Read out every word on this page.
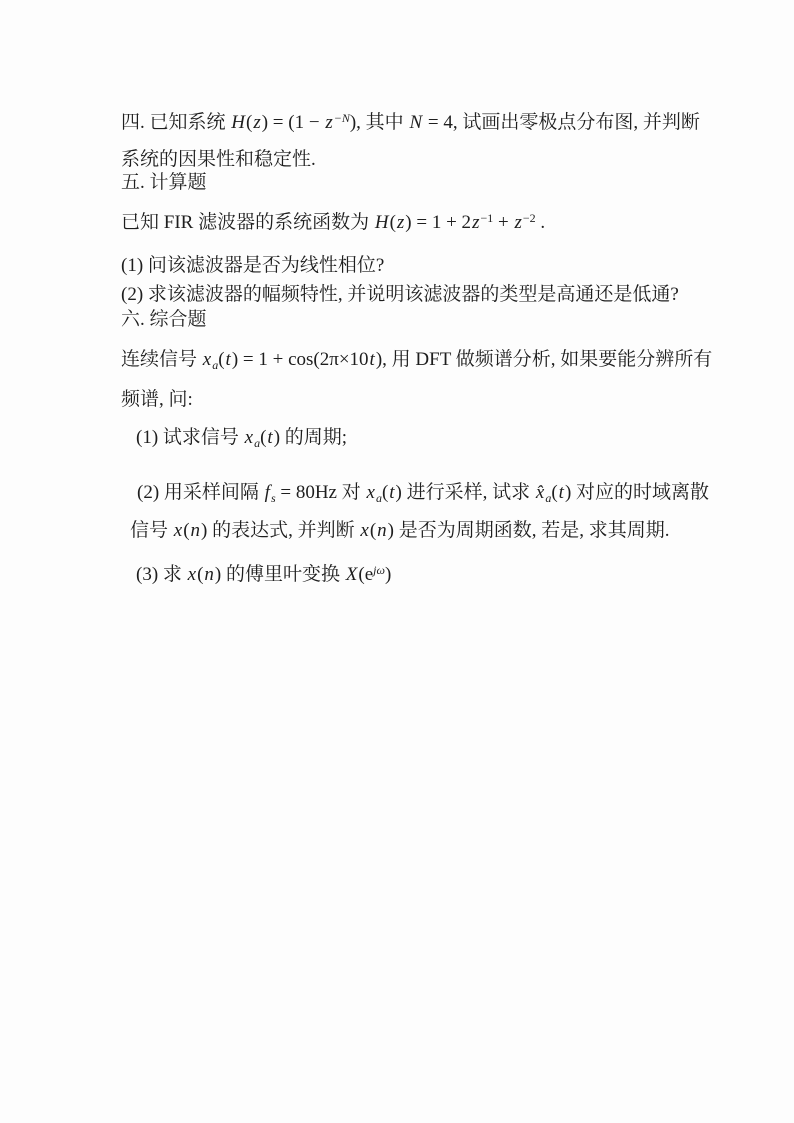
四. 已知系统 $H(z) = (1 - z^{-N})$, 其中 N = 4, 试画出零极点分布图, 并判断

系统的因果性和稳定性.

五. 计算题

已知 FIR 滤波器的系统函数为 $H(z) = 1 + 2z^{-1} + z^{-2}$ .

(1) 问该滤波器是否为线性相位?

(2) 求该滤波器的幅频特性, 并说明该滤波器的类型是高通还是低通?

六. 综合题

连续信号 $x_a(t) = 1 + \cos(2\pi\times 10t)$, 用 DFT 做频谱分析, 如果要能分辨所有

频谱, 问:

(1) 试求信号 $x_a(t)$ 的周期;

(2) 用采样间隔 $f_s = 80Hz$ 对 $x_a(t)$ 进行采样, 试求 $x̂_a(t)$ 对应的时域离散

信号 x(n) 的表达式, 并判断 x(n) 是否为周期函数, 若是, 求其周期.

(3) 求 x(n) 的傅里叶变换 $X(e^{j\omega})$
